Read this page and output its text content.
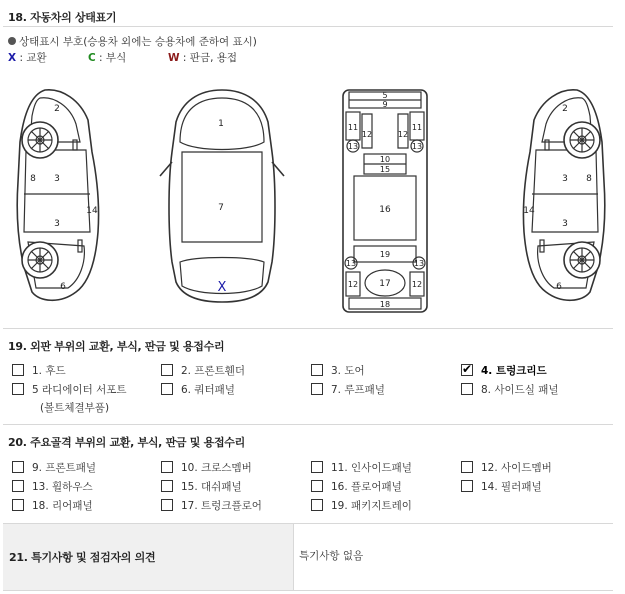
18. 자동차의 상태표기
상태표시 부호(승용차 외에는 승용차에 준하여 표시)
X : 교환	C : 부식	W : 판금, 용접
2
3
3
14
8
6
1
7
X
5
9
11	11
12	12
13	13
10
15
16
19
13	13
12 17	12
18
2
3
14
3
8
6
19. 외판 부위의 교환, 부식, 판금 및 용접수리
1. 후드	2. 프론트휀더	3. 도어 ✔	4. 트렁크리드
5 라디에이터 서포트	6. 쿼터패널	7. 루프패널	8. 사이드실 패널
(볼트체결부품)
20. 주요골격 부위의 교환, 부식, 판금 및 용접수리
9. 프론트패널	10. 크로스멤버	11. 인사이드패널	12. 사이드멤버
13. 휠하우스	15. 대쉬패널	16. 플로어패널	14. 필러패널
18. 리어패널	17. 트렁크플로어	19. 패키지트레이
21. 특기사항 및 점검자의 의견	특기사항 없음
